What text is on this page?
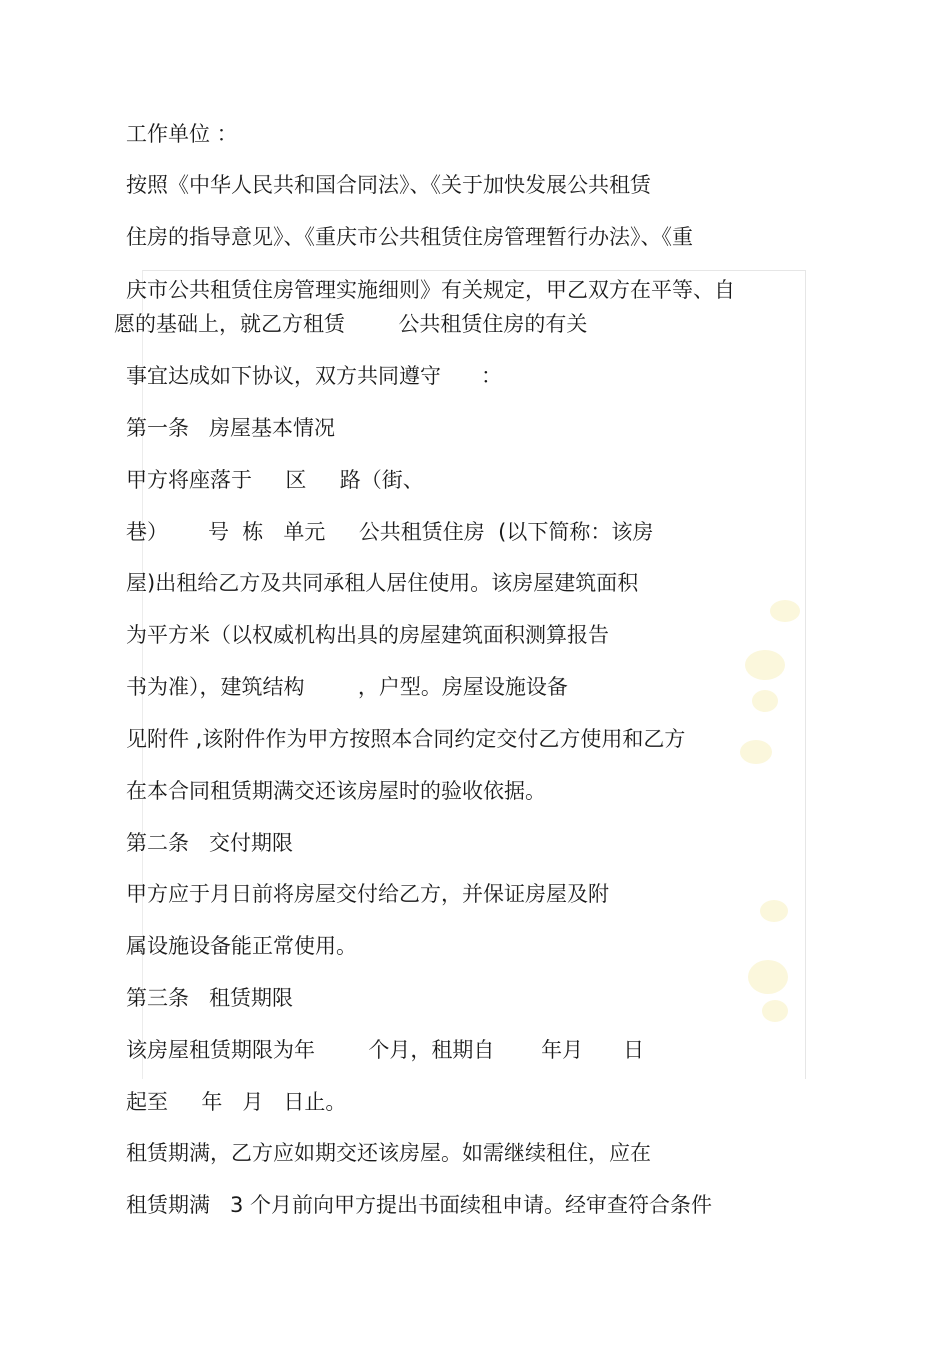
工作单位 ：
按照《中华人民共和国合同法》、《关于加快发展公共租赁
住房的指导意见》、《重庆市公共租赁住房管理暂行办法》、《重
庆市公共租赁住房管理实施细则》有关规定，甲乙双方在平等、自
愿的基础上，就乙方租赁        公共租赁住房的有关
事宜达成如下协议，双方共同遵守      ：
第一条   房屋基本情况
甲方将座落于     区     路（街、
巷）      号  栋   单元     公共租赁住房  (以下简称：该房
屋)出租给乙方及共同承租人居住使用。该房屋建筑面积
为平方米（以权威机构出具的房屋建筑面积测算报告
书为准），建筑结构        ，户型。房屋设施设备
见附件 ,该附件作为甲方按照本合同约定交付乙方使用和乙方
在本合同租赁期满交还该房屋时的验收依据。
第二条   交付期限
甲方应于月日前将房屋交付给乙方，并保证房屋及附
属设施设备能正常使用。
第三条   租赁期限
该房屋租赁期限为年        个月，租期自       年月      日
起至     年   月   日止。
租赁期满，乙方应如期交还该房屋。如需继续租住，应在
租赁期满   3 个月前向甲方提出书面续租申请。经审查符合条件
